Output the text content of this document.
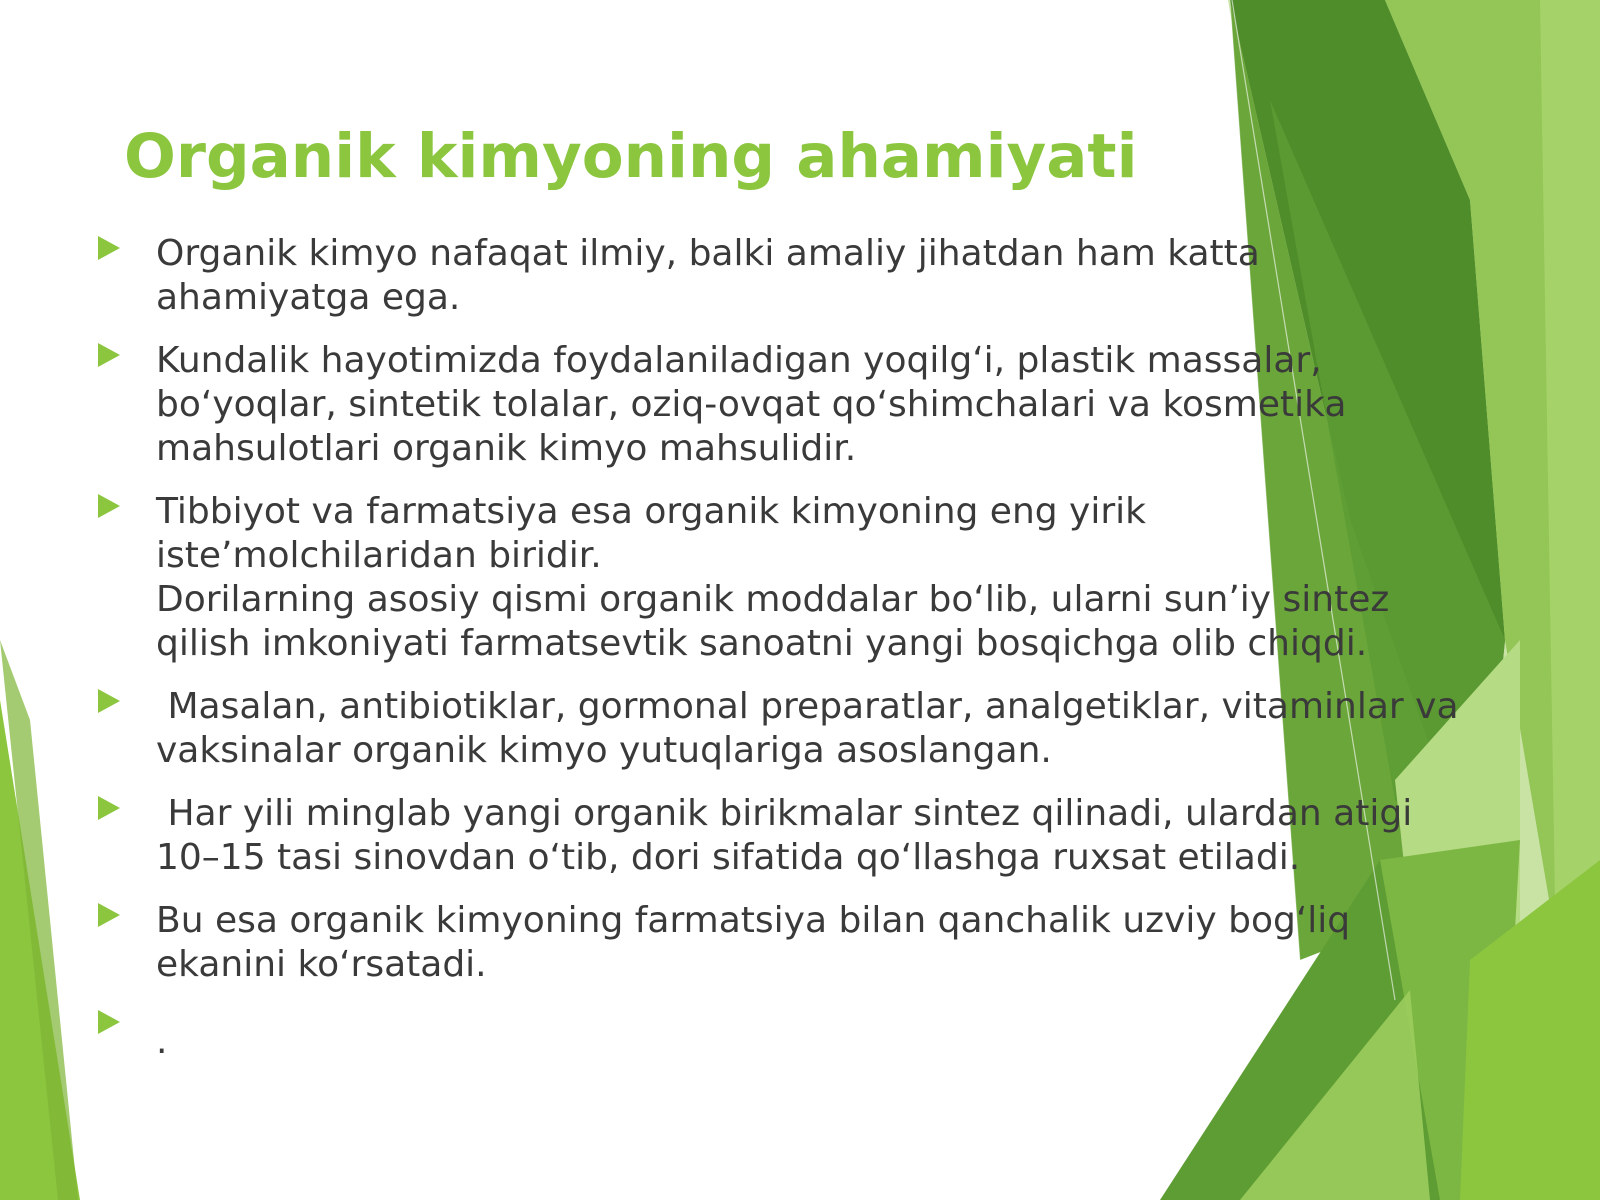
Organik kimyoning ahamiyati
Organik kimyo nafaqat ilmiy, balki amaliy jihatdan ham katta
ahamiyatga ega.
Kundalik hayotimizda foydalaniladigan yoqilg‘i, plastik massalar,
bo‘yoqlar, sintetik tolalar, oziq-ovqat qo‘shimchalari va kosmetika
mahsulotlari organik kimyo mahsulidir.
Tibbiyot va farmatsiya esa organik kimyoning eng yirik
iste’molchilaridan biridir.
Dorilarning asosiy qismi organik moddalar bo‘lib, ularni sun’iy sintez
qilish imkoniyati farmatsevtik sanoatni yangi bosqichga olib chiqdi.
Masalan, antibiotiklar, gormonal preparatlar, analgetiklar, vitaminlar va
vaksinalar organik kimyo yutuqlariga asoslangan.
Har yili minglab yangi organik birikmalar sintez qilinadi, ulardan atigi
10–15 tasi sinovdan o‘tib, dori sifatida qo‘llashga ruxsat etiladi.
Bu esa organik kimyoning farmatsiya bilan qanchalik uzviy bog‘liq
ekanini ko‘rsatadi.
.
